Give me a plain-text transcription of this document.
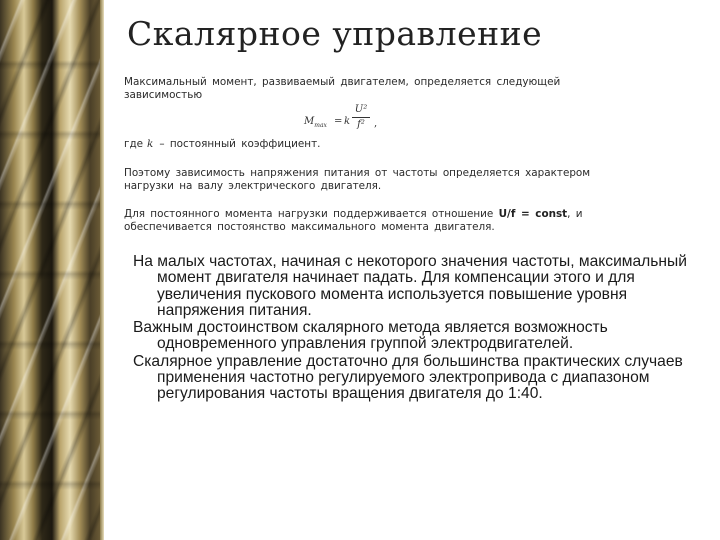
Скалярное управление

Максимальный момент, развиваемый двигателем, определяется следующей зависимостью

$M_{max} = k$
U²
f² ,

где k – постоянный коэффициент.

Поэтому зависимость напряжения питания от частоты определяется характером нагрузки на валу электрического двигателя.

Для постоянного момента нагрузки поддерживается отношение U/f = const, и обеспечивается постоянство максимального момента двигателя.

На малых частотах, начиная с некоторого значения частоты, максимальный момент двигателя начинает падать. Для компенсации этого и для увеличения пускового момента используется повышение уровня напряжения питания.

Важным достоинством скалярного метода является возможность одновременного управления группой электродвигателей.

Скалярное управление достаточно для большинства практических случаев применения частотно регулируемого электропривода с диапазоном регулирования частоты вращения двигателя до 1:40.
